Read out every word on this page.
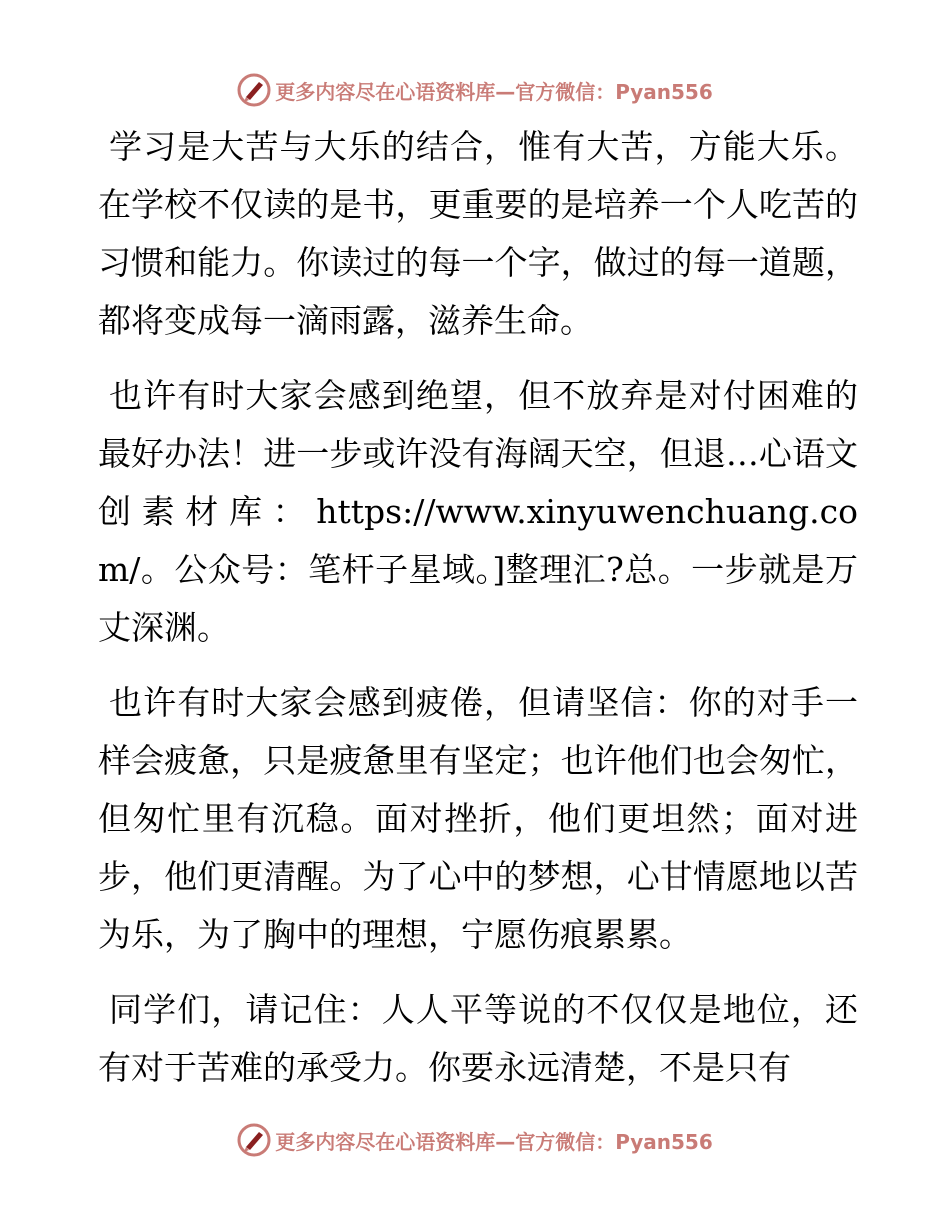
更多内容尽在心语资料库—官方微信：Pyan556

学习是大苦与大乐的结合，惟有大苦，方能大乐。在学校不仅读的是书，更重要的是培养一个人吃苦的习惯和能力。你读过的每一个字，做过的每一道题，都将变成每一滴雨露，滋养生命。

也许有时大家会感到绝望，但不放弃是对付困难的最好办法！进一步或许没有海阔天空，但退…心语文创素材库：https://www.xinyuwenchuang.com/。公众号：笔杆子星域。]整理汇?总。一步就是万丈深渊。

也许有时大家会感到疲倦，但请坚信：你的对手一样会疲惫，只是疲惫里有坚定；也许他们也会匆忙，但匆忙里有沉稳。面对挫折，他们更坦然；面对进步，他们更清醒。为了心中的梦想，心甘情愿地以苦为乐，为了胸中的理想，宁愿伤痕累累。

同学们，请记住：人人平等说的不仅仅是地位，还有对于苦难的承受力。你要永远清楚，不是只有

更多内容尽在心语资料库—官方微信：Pyan556
